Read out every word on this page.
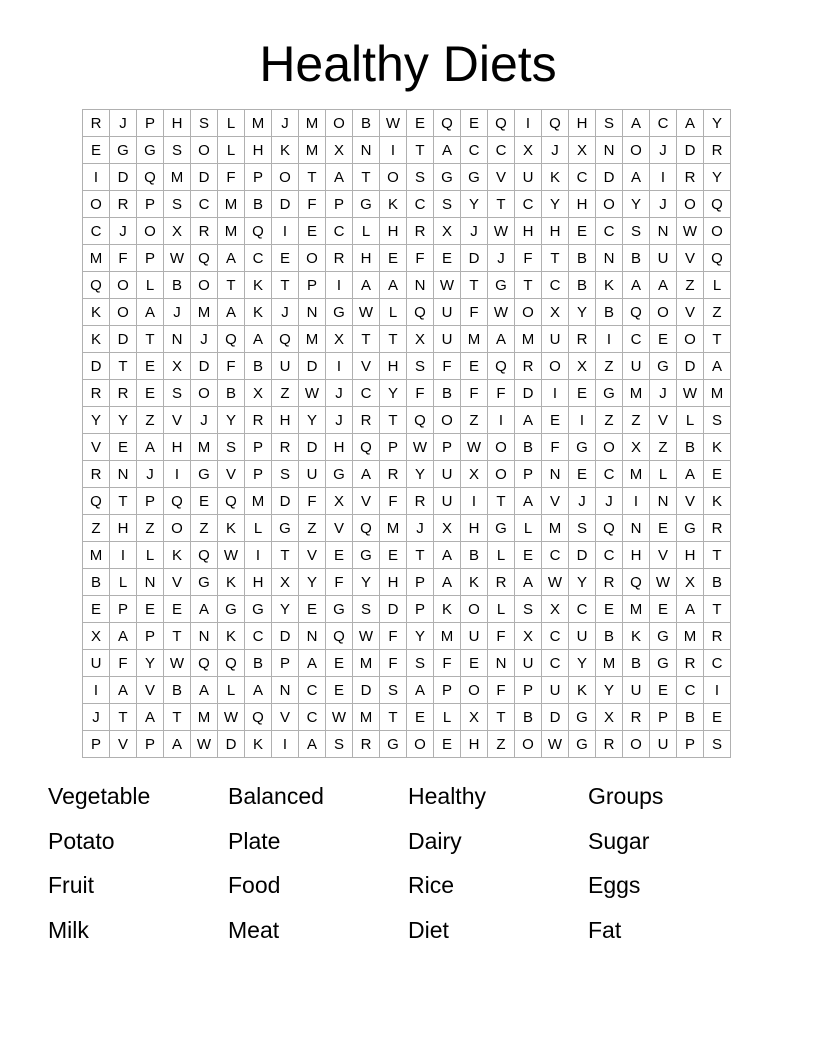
Healthy Diets
R	J	P	H	S	L	M	J	M	O	B	W	E	Q	E	Q	I	Q	H	S	A	C	A	Y
E	G	G	S	O	L	H	K	M	X	N	I	T	A	C	C	X	J	X	N	O	J	D	R
I	D	Q	M	D	F	P	O	T	A	T	O	S	G	G	V	U	K	C	D	A	I	R	Y
O	R	P	S	C	M	B	D	F	P	G	K	C	S	Y	T	C	Y	H	O	Y	J	O	Q
C	J	O	X	R	M	Q	I	E	C	L	H	R	X	J	W	H	H	E	C	S	N	W	O
M	F	P	W	Q	A	C	E	O	R	H	E	F	E	D	J	F	T	B	N	B	U	V	Q
Q	O	L	B	O	T	K	T	P	I	A	A	N	W	T	G	T	C	B	K	A	A	Z	L
K	O	A	J	M	A	K	J	N	G	W	L	Q	U	F	W	O	X	Y	B	Q	O	V	Z
K	D	T	N	J	Q	A	Q	M	X	T	T	X	U	M	A	M	U	R	I	C	E	O	T
D	T	E	X	D	F	B	U	D	I	V	H	S	F	E	Q	R	O	X	Z	U	G	D	A
R	R	E	S	O	B	X	Z	W	J	C	Y	F	B	F	F	D	I	E	G	M	J	W	M
Y	Y	Z	V	J	Y	R	H	Y	J	R	T	Q	O	Z	I	A	E	I	Z	Z	V	L	S
V	E	A	H	M	S	P	R	D	H	Q	P	W	P	W	O	B	F	G	O	X	Z	B	K
R	N	J	I	G	V	P	S	U	G	A	R	Y	U	X	O	P	N	E	C	M	L	A	E
Q	T	P	Q	E	Q	M	D	F	X	V	F	R	U	I	T	A	V	J	J	I	N	V	K
Z	H	Z	O	Z	K	L	G	Z	V	Q	M	J	X	H	G	L	M	S	Q	N	E	G	R
M	I	L	K	Q	W	I	T	V	E	G	E	T	A	B	L	E	C	D	C	H	V	H	T
B	L	N	V	G	K	H	X	Y	F	Y	H	P	A	K	R	A	W	Y	R	Q	W	X	B
E	P	E	E	A	G	G	Y	E	G	S	D	P	K	O	L	S	X	C	E	M	E	A	T
X	A	P	T	N	K	C	D	N	Q	W	F	Y	M	U	F	X	C	U	B	K	G	M	R
U	F	Y	W	Q	Q	B	P	A	E	M	F	S	F	E	N	U	C	Y	M	B	G	R	C
I	A	V	B	A	L	A	N	C	E	D	S	A	P	O	F	P	U	K	Y	U	E	C	I
J	T	A	T	M	W	Q	V	C	W	M	T	E	L	X	T	B	D	G	X	R	P	B	E
P	V	P	A	W	D	K	I	A	S	R	G	O	E	H	Z	O	W	G	R	O	U	P	S
Vegetable	Balanced	Healthy	Groups
Potato	Plate	Dairy	Sugar
Fruit	Food	Rice	Eggs
Milk	Meat	Diet	Fat
